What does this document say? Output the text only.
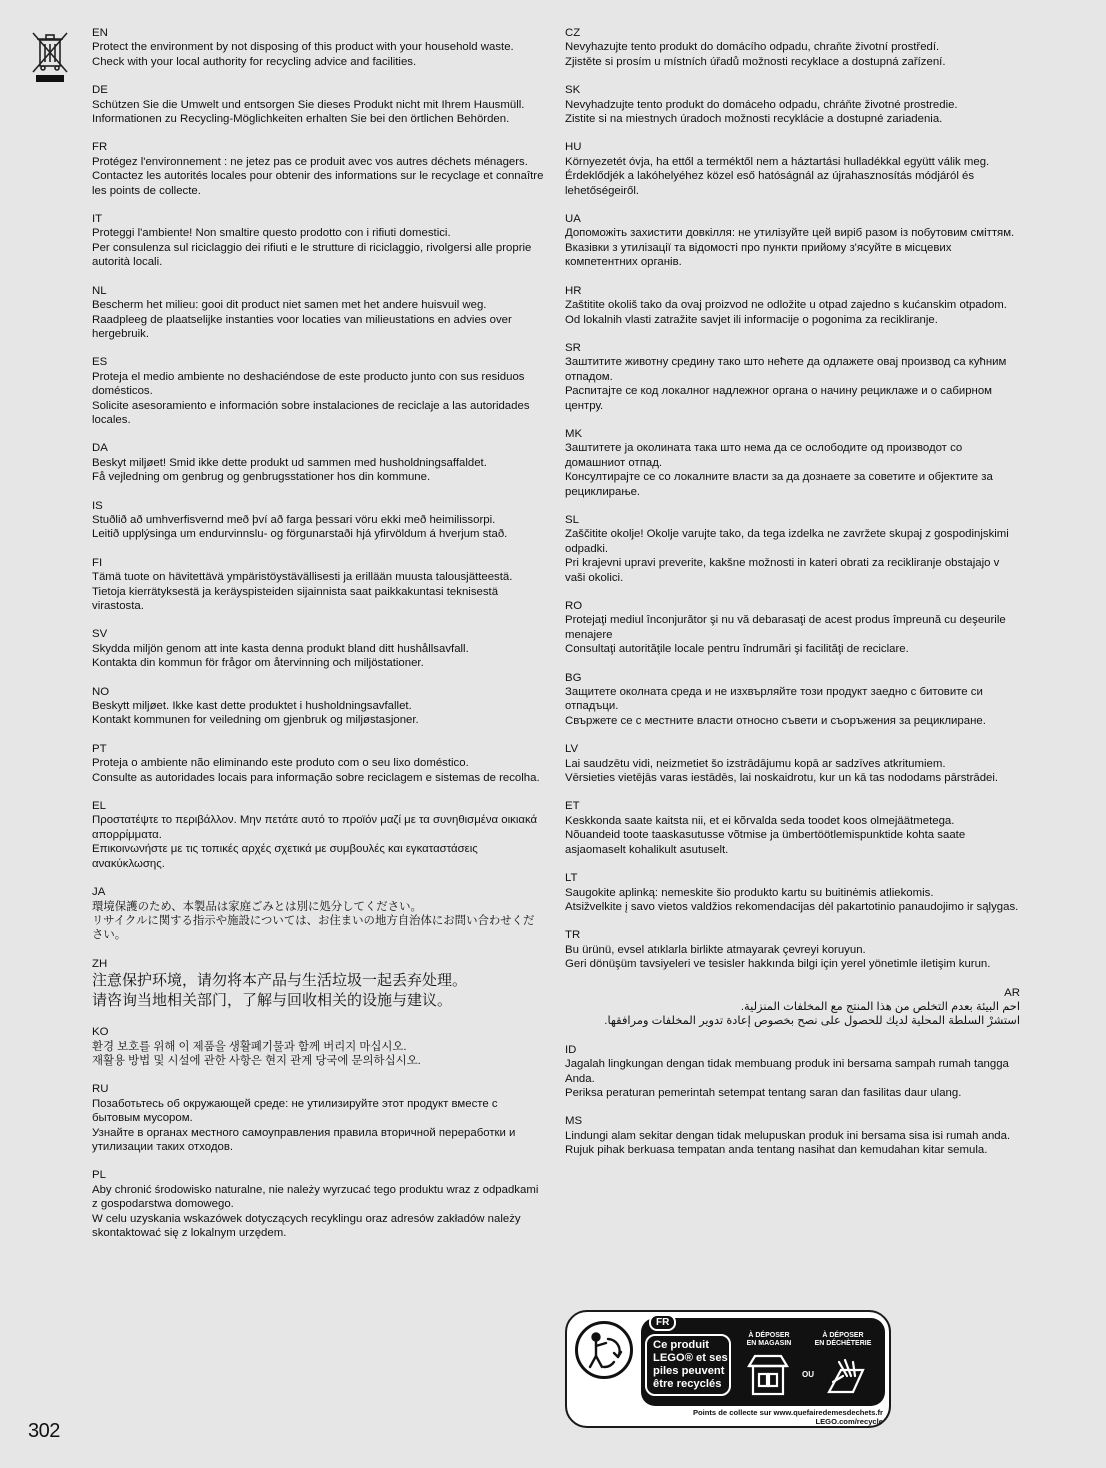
EN

Protect the environment by not disposing of this product with your household waste.

Check with your local authority for recycling advice and facilities.

DE

Schützen Sie die Umwelt und entsorgen Sie dieses Produkt nicht mit Ihrem Hausmüll.

Informationen zu Recycling-Möglichkeiten erhalten Sie bei den örtlichen Behörden.

FR

Protégez l'environnement : ne jetez pas ce produit avec vos autres déchets ménagers.

Contactez les autorités locales pour obtenir des informations sur le recyclage et connaître les points de collecte.

IT

Proteggi l'ambiente! Non smaltire questo prodotto con i rifiuti domestici.

Per consulenza sul riciclaggio dei rifiuti e le strutture di riciclaggio, rivolgersi alle proprie autorità locali.

NL

Bescherm het milieu: gooi dit product niet samen met het andere huisvuil weg.

Raadpleeg de plaatselijke instanties voor locaties van milieustations en advies over hergebruik.

ES

Proteja el medio ambiente no deshaciéndose de este producto junto con sus residuos domésticos.

Solicite asesoramiento e información sobre instalaciones de reciclaje a las autoridades locales.

DA

Beskyt miljøet! Smid ikke dette produkt ud sammen med husholdningsaffaldet.

Få vejledning om genbrug og genbrugsstationer hos din kommune.

IS

Stuðlið að umhverfisvernd með því að farga þessari vöru ekki með heimilissorpi.

Leitið upplýsinga um endurvinnslu- og förgunarstaði hjá yfirvöldum á hverjum stað.

FI

Tämä tuote on hävitettävä ympäristöystävällisesti ja erillään muusta talousjätteestä.

Tietoja kierrätyksestä ja keräyspisteiden sijainnista saat paikkakuntasi teknisestä virastosta.

SV

Skydda miljön genom att inte kasta denna produkt bland ditt hushållsavfall.

Kontakta din kommun för frågor om återvinning och miljöstationer.

NO

Beskytt miljøet. Ikke kast dette produktet i husholdningsavfallet.

Kontakt kommunen for veiledning om gjenbruk og miljøstasjoner.

PT

Proteja o ambiente não eliminando este produto com o seu lixo doméstico.

Consulte as autoridades locais para informação sobre reciclagem e sistemas de recolha.

EL

Προστατέψτε το περιβάλλον. Μην πετάτε αυτό το προϊόν μαζί με τα συνηθισμένα οικιακά απορρίμματα.

Επικοινωνήστε με τις τοπικές αρχές σχετικά με συμβουλές και εγκαταστάσεις ανακύκλωσης.

JA

環境保護のため、本製品は家庭ごみとは別に処分してください。

リサイクルに関する指示や施設については、お住まいの地方自治体にお問い合わせください。

ZH

注意保护环境，请勿将本产品与生活垃圾一起丢弃处理。

请咨询当地相关部门，了解与回收相关的设施与建议。

KO

환경 보호를 위해 이 제품을 생활폐기물과 함께 버리지 마십시오.

재활용 방법 및 시설에 관한 사항은 현지 관계 당국에 문의하십시오.

RU

Позаботьтесь об окружающей среде: не утилизируйте этот продукт вместе с бытовым мусором.

Узнайте в органах местного самоуправления правила вторичной переработки и утилизации таких отходов.

PL

Aby chronić środowisko naturalne, nie należy wyrzucać tego produktu wraz z odpadkami z gospodarstwa domowego.

W celu uzyskania wskazówek dotyczących recyklingu oraz adresów zakładów należy skontaktować się z lokalnym urzędem.

CZ

Nevyhazujte tento produkt do domácího odpadu, chraňte životní prostředí.

Zjistěte si prosím u místních úřadů možnosti recyklace a dostupná zařízení.

SK

Nevyhadzujte tento produkt do domáceho odpadu, chráňte životné prostredie.

Zistite si na miestnych úradoch možnosti recyklácie a dostupné zariadenia.

HU

Környezetét óvja, ha ettől a terméktől nem a háztartási hulladékkal együtt válik meg.

Érdeklődjék a lakóhelyéhez közel eső hatóságnál az újrahasznosítás módjáról és lehetőségeiről.

UA

Допоможіть захистити довкілля: не утилізуйте цей виріб разом із побутовим сміттям.

Вказівки з утилізації та відомості про пункти прийому з'ясуйте в місцевих компетентних органів.

HR

Zaštitite okoliš tako da ovaj proizvod ne odložite u otpad zajedno s kućanskim otpadom.

Od lokalnih vlasti zatražite savjet ili informacije o pogonima za recikliranje.

SR

Заштитите животну средину тако што нећете да одлажете овај производ са кућним отпадом.

Распитајте се код локалног надлежног органа о начину рециклаже и о сабирном центру.

MK

Заштитете ја околината така што нема да се ослободите од производот со домашниот отпад.

Консултирајте се со локалните власти за да дознаете за советите и објектите за рециклирање.

SL

Zaščitite okolje! Okolje varujte tako, da tega izdelka ne zavržete skupaj z gospodinjskimi odpadki.

Pri krajevni upravi preverite, kakšne možnosti in kateri obrati za recikliranje obstajajo v vaši okolici.

RO

Protejaţi mediul înconjurător şi nu vă debarasaţi de acest produs împreună cu deşeurile menajere

Consultaţi autorităţile locale pentru îndrumări şi facilităţi de reciclare.

BG

Защитете околната среда и не изхвърляйте този продукт заедно с битовите си отпадъци.

Свържете се с местните власти относно съвети и съоръжения за рециклиране.

LV

Lai saudzētu vidi, neizmetiet šo izstrādājumu kopā ar sadzīves atkritumiem.

Vērsieties vietējās varas iestādēs, lai noskaidrotu, kur un kā tas nododams pārstrādei.

ET

Keskkonda saate kaitsta nii, et ei kõrvalda seda toodet koos olmejäätmetega.

Nõuandeid toote taaskasutusse võtmise ja ümbertöötlemispunktide kohta saate asjaomaselt kohalikult asutuselt.

LT

Saugokite aplinką: nemeskite šio produkto kartu su buitinėmis atliekomis.

Atsižvelkite į savo vietos valdžios rekomendacijas dėl pakartotinio panaudojimo ir sąlygas.

TR

Bu ürünü, evsel atıklarla birlikte atmayarak çevreyi koruyun.

Geri dönüşüm tavsiyeleri ve tesisler hakkında bilgi için yerel yönetimle iletişim kurun.

AR

احم البيئة بعدم التخلص من هذا المنتج مع المخلفات المنزلية.

استشرْ السلطة المحلية لديك للحصول على نصح بخصوص إعادة تدوير المخلفات ومرافقها.

ID

Jagalah lingkungan dengan tidak membuang produk ini bersama sampah rumah tangga Anda.

Periksa peraturan pemerintah setempat tentang saran dan fasilitas daur ulang.

MS

Lindungi alam sekitar dengan tidak melupuskan produk ini bersama sisa isi rumah anda.

Rujuk pihak berkuasa tempatan anda tentang nasihat dan kemudahan kitar semula.

FR
Ce produit
LEGO® et ses
piles peuvent
être recyclés
À DÉPOSER
EN MAGASIN
À DÉPOSER
EN DÉCHÈTERIE
OU
Points de collecte sur www.quefairedemesdechets.fr
LEGO.com/recycle
302
